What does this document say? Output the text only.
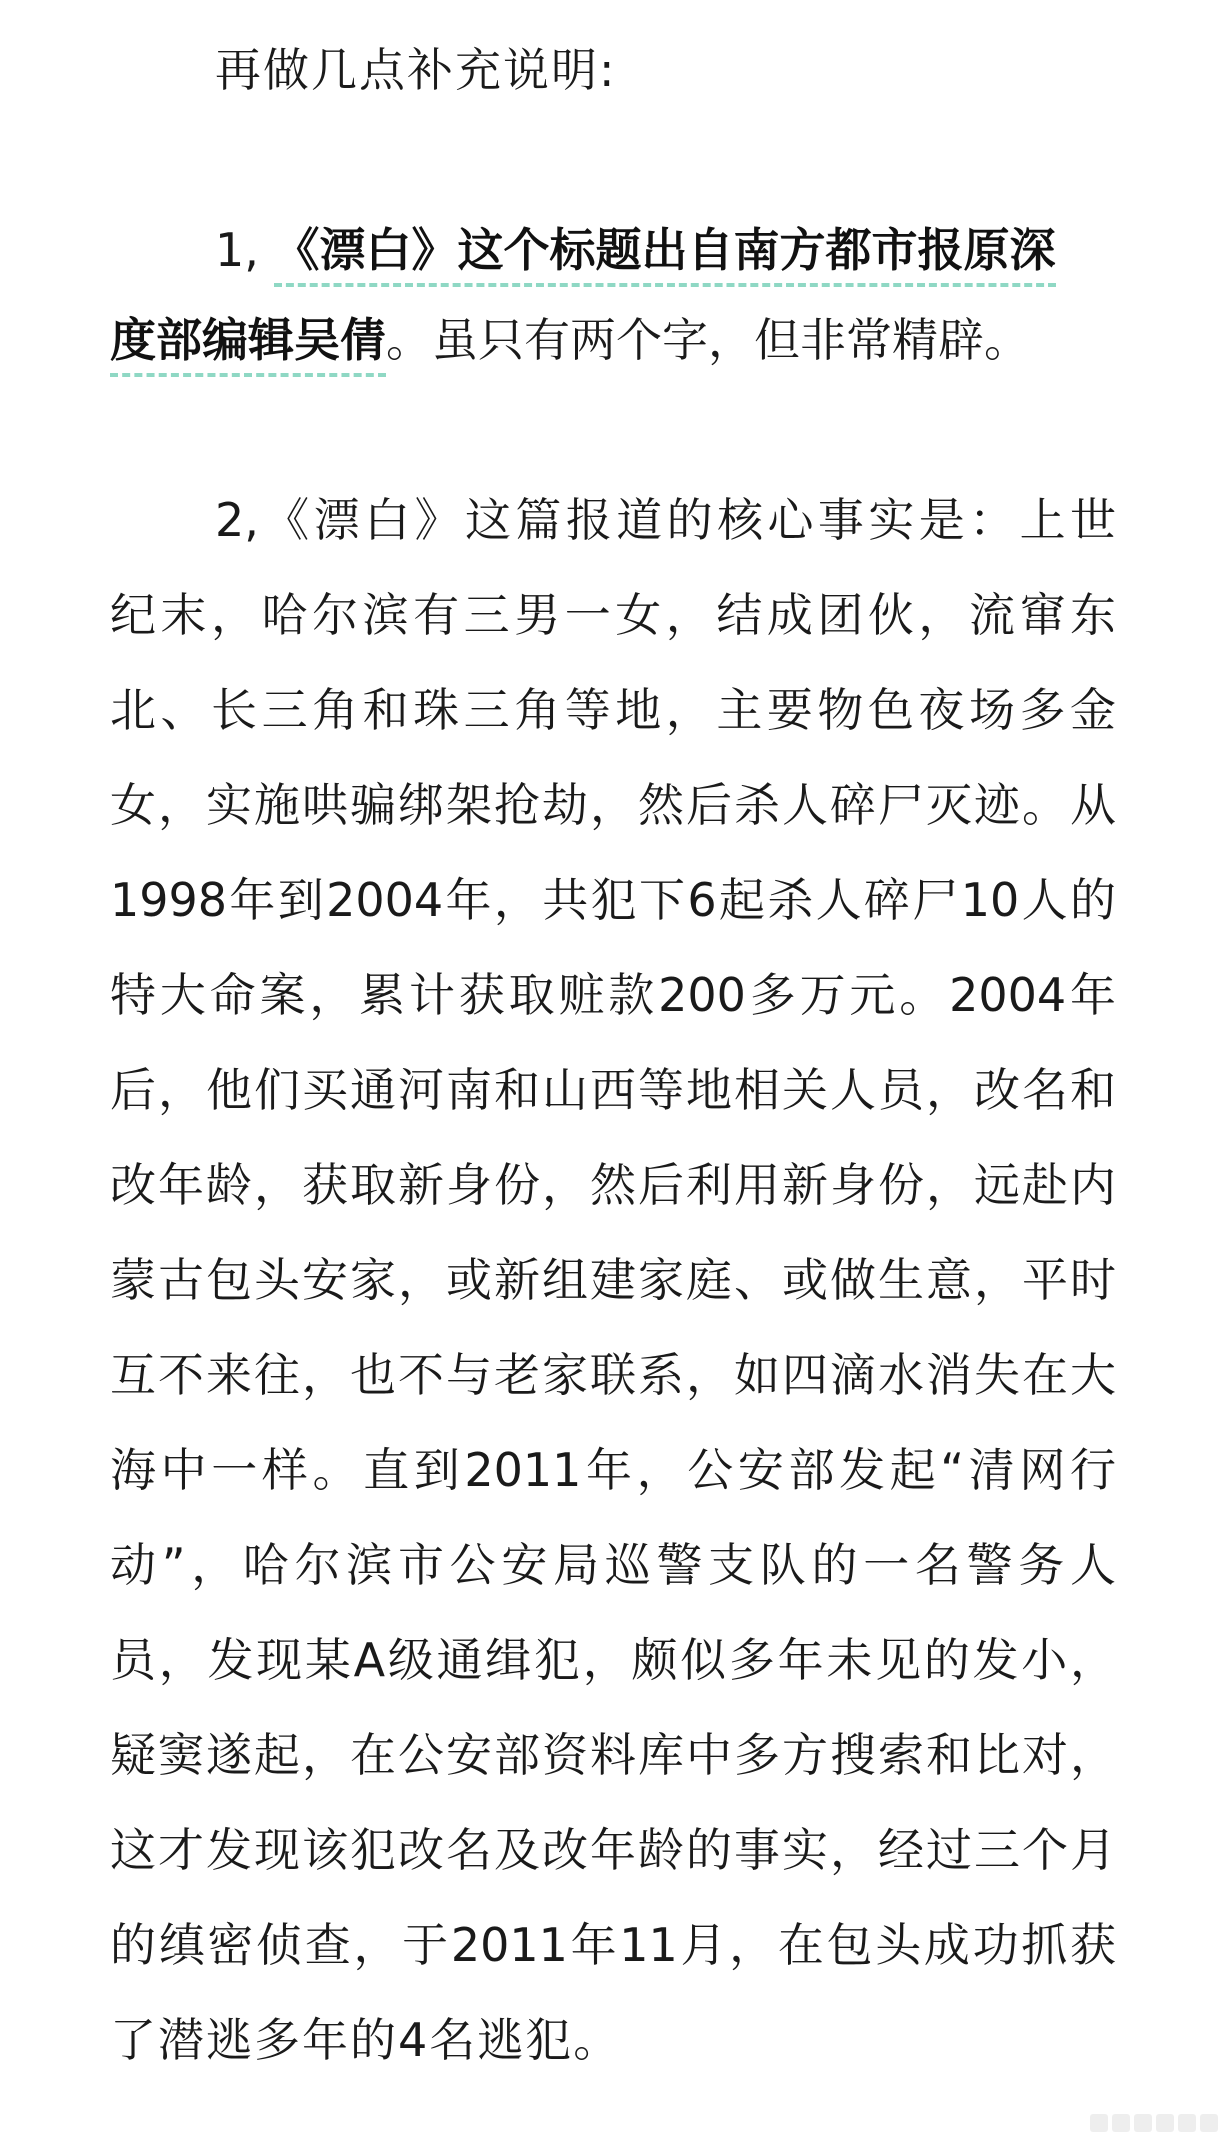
再做几点补充说明:
1, 《漂白》这个标题出自南方都市报原深
度部编辑吴倩。虽只有两个字，但非常精辟。
2,《漂白》这篇报道的核心事实是：上世
纪末，哈尔滨有三男一女，结成团伙，流窜东
北、长三角和珠三角等地，主要物色夜场多金
女，实施哄骗绑架抢劫，然后杀人碎尸灭迹。从
1998年到2004年，共犯下6起杀人碎尸10人的
特大命案，累计获取赃款200多万元。2004年
后，他们买通河南和山西等地相关人员，改名和
改年龄，获取新身份，然后利用新身份，远赴内
蒙古包头安家，或新组建家庭、或做生意，平时
互不来往，也不与老家联系，如四滴水消失在大
海中一样。直到2011年，公安部发起“清网行
动”，哈尔滨市公安局巡警支队的一名警务人
员，发现某A级通缉犯，颇似多年未见的发小，
疑窦遂起，在公安部资料库中多方搜索和比对，
这才发现该犯改名及改年龄的事实，经过三个月
的缜密侦查，于2011年11月，在包头成功抓获
了潜逃多年的4名逃犯。
